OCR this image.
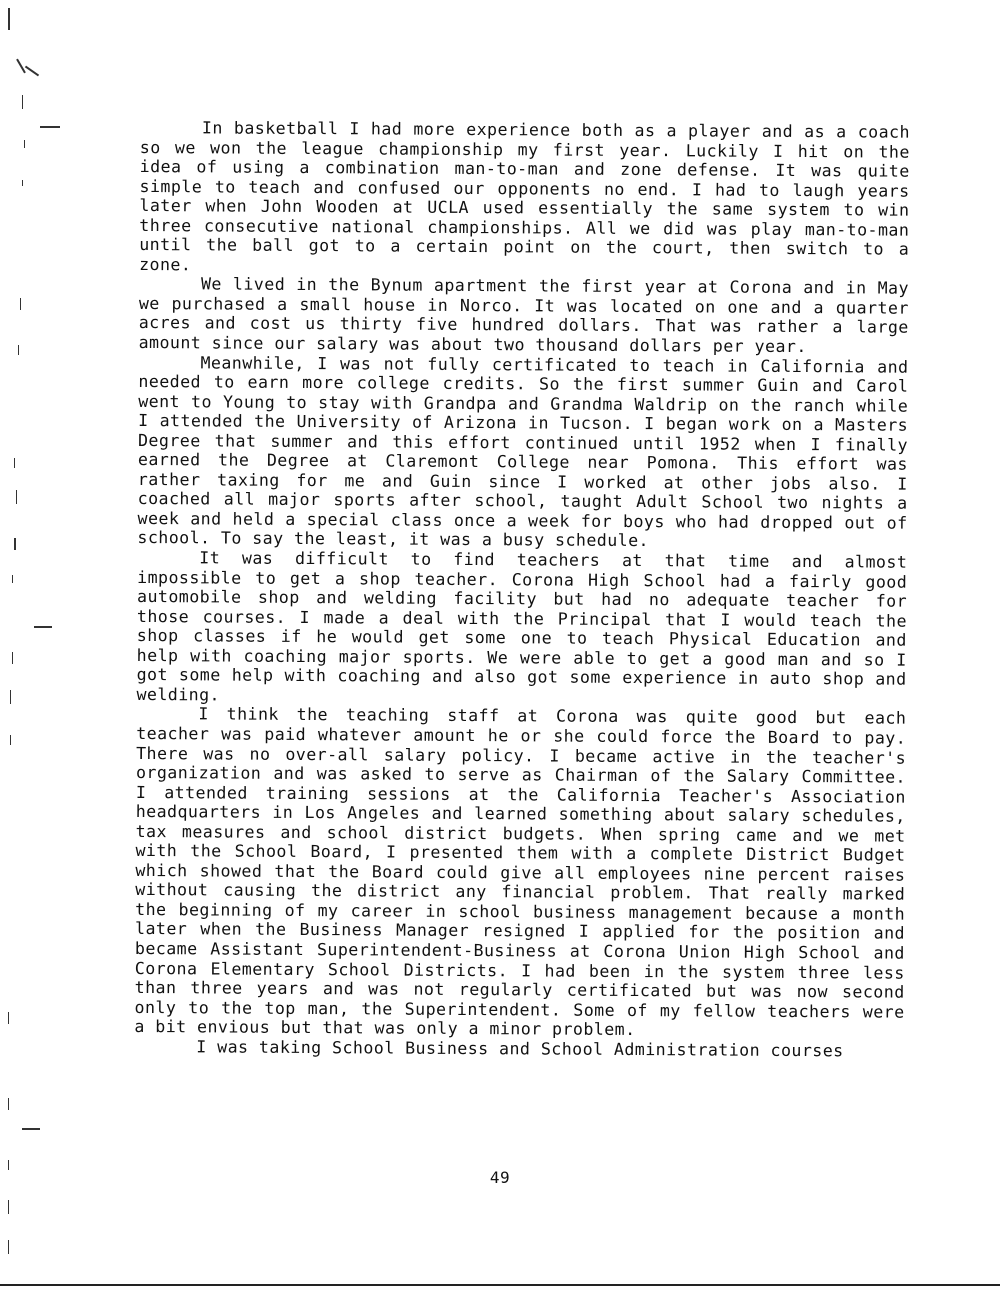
In basketball I had more experience both as a player and as a coach so we won the league championship my first year. Luckily I hit on the idea of using a combination man-to-man and zone defense. It was quite simple to teach and confused our opponents no end. I had to laugh years later when John Wooden at UCLA used essentially the same system to win three consecutive national championships. All we did was play man-to-man until the ball got to a certain point on the court, then switch to a zone.

We lived in the Bynum apartment the first year at Corona and in May we purchased a small house in Norco. It was located on one and a quarter acres and cost us thirty five hundred dollars. That was rather a large amount since our salary was about two thousand dollars per year.

Meanwhile, I was not fully certificated to teach in California and needed to earn more college credits. So the first summer Guin and Carol went to Young to stay with Grandpa and Grandma Waldrip on the ranch while I attended the University of Arizona in Tucson. I began work on a Masters Degree that summer and this effort continued until 1952 when I finally earned the Degree at Claremont College near Pomona. This effort was rather taxing for me and Guin since I worked at other jobs also. I coached all major sports after school, taught Adult School two nights a week and held a special class once a week for boys who had dropped out of school. To say the least, it was a busy schedule.

It was difficult to find teachers at that time and almost impossible to get a shop teacher. Corona High School had a fairly good automobile shop and welding facility but had no adequate teacher for those courses. I made a deal with the Principal that I would teach the shop classes if he would get some one to teach Physical Education and help with coaching major sports. We were able to get a good man and so I got some help with coaching and also got some experience in auto shop and welding.

I think the teaching staff at Corona was quite good but each teacher was paid whatever amount he or she could force the Board to pay. There was no over-all salary policy. I became active in the teacher's organization and was asked to serve as Chairman of the Salary Committee. I attended training sessions at the California Teacher's Association headquarters in Los Angeles and learned something about salary schedules, tax measures and school district budgets. When spring came and we met with the School Board, I presented them with a complete District Budget which showed that the Board could give all employees nine percent raises without causing the district any financial problem. That really marked the beginning of my career in school business management because a month later when the Business Manager resigned I applied for the position and became Assistant Superintendent-Business at Corona Union High School and Corona Elementary School Districts. I had been in the system three less than three years and was not regularly certificated but was now second only to the top man, the Superintendent. Some of my fellow teachers were a bit envious but that was only a minor problem.

I was taking School Business and School Administration courses

49
